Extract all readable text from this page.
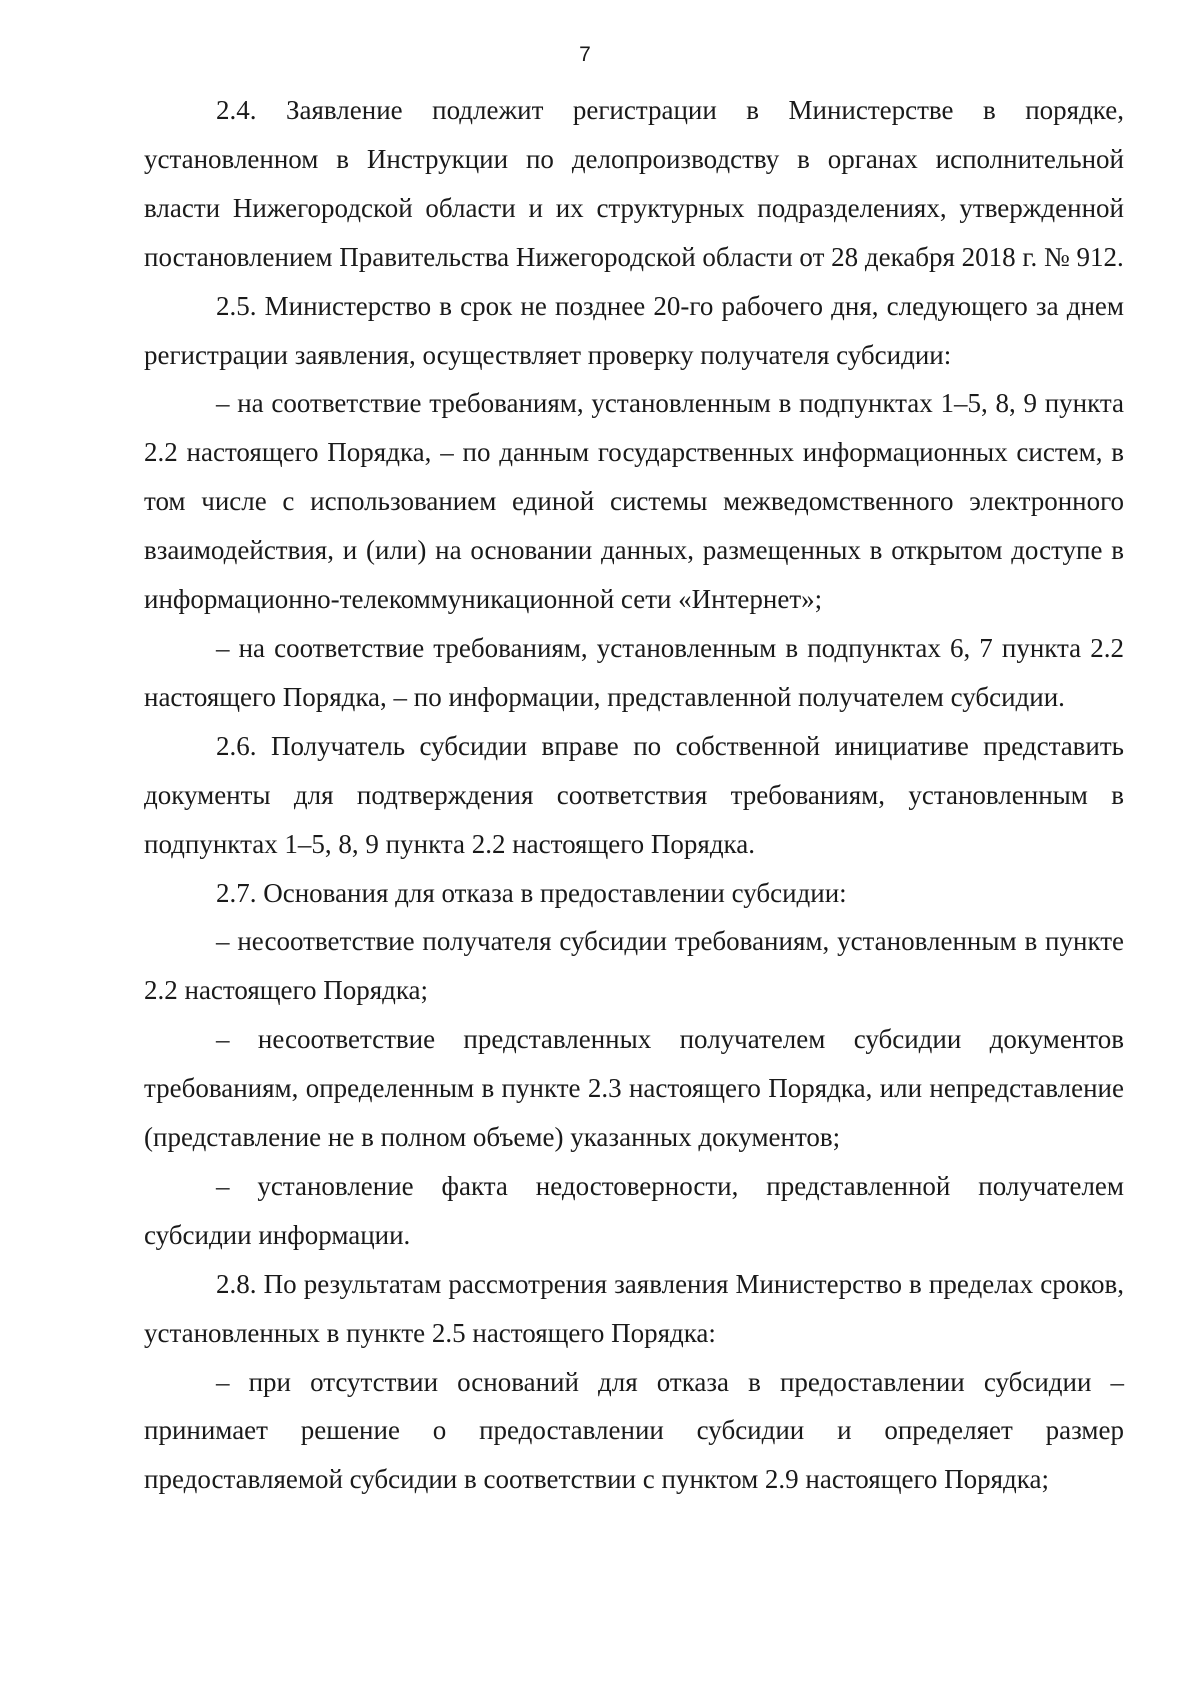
7

2.4. Заявление подлежит регистрации в Министерстве в порядке, установленном в Инструкции по делопроизводству в органах исполнительной власти Нижегородской области и их структурных подразделениях, утвержденной постановлением Правительства Нижегородской области от 28 декабря 2018 г. № 912.

2.5. Министерство в срок не позднее 20-го рабочего дня, следующего за днем регистрации заявления, осуществляет проверку получателя субсидии:

– на соответствие требованиям, установленным в подпунктах 1–5, 8, 9 пункта 2.2 настоящего Порядка, – по данным государственных информационных систем, в том числе с использованием единой системы межведомственного электронного взаимодействия, и (или) на основании данных, размещенных в открытом доступе в информационно-телекоммуникационной сети «Интернет»;

– на соответствие требованиям, установленным в подпунктах 6, 7 пункта 2.2 настоящего Порядка, – по информации, представленной получателем субсидии.

2.6. Получатель субсидии вправе по собственной инициативе представить документы для подтверждения соответствия требованиям, установленным в подпунктах 1–5, 8, 9 пункта 2.2 настоящего Порядка.

2.7. Основания для отказа в предоставлении субсидии:

– несоответствие получателя субсидии требованиям, установленным в пункте 2.2 настоящего Порядка;

– несоответствие представленных получателем субсидии документов требованиям, определенным в пункте 2.3 настоящего Порядка, или непредставление (представление не в полном объеме) указанных документов;

– установление факта недостоверности, представленной получателем субсидии информации.

2.8. По результатам рассмотрения заявления Министерство в пределах сроков, установленных в пункте 2.5 настоящего Порядка:

– при отсутствии оснований для отказа в предоставлении субсидии – принимает решение о предоставлении субсидии и определяет размер предоставляемой субсидии в соответствии с пунктом 2.9 настоящего Порядка;
